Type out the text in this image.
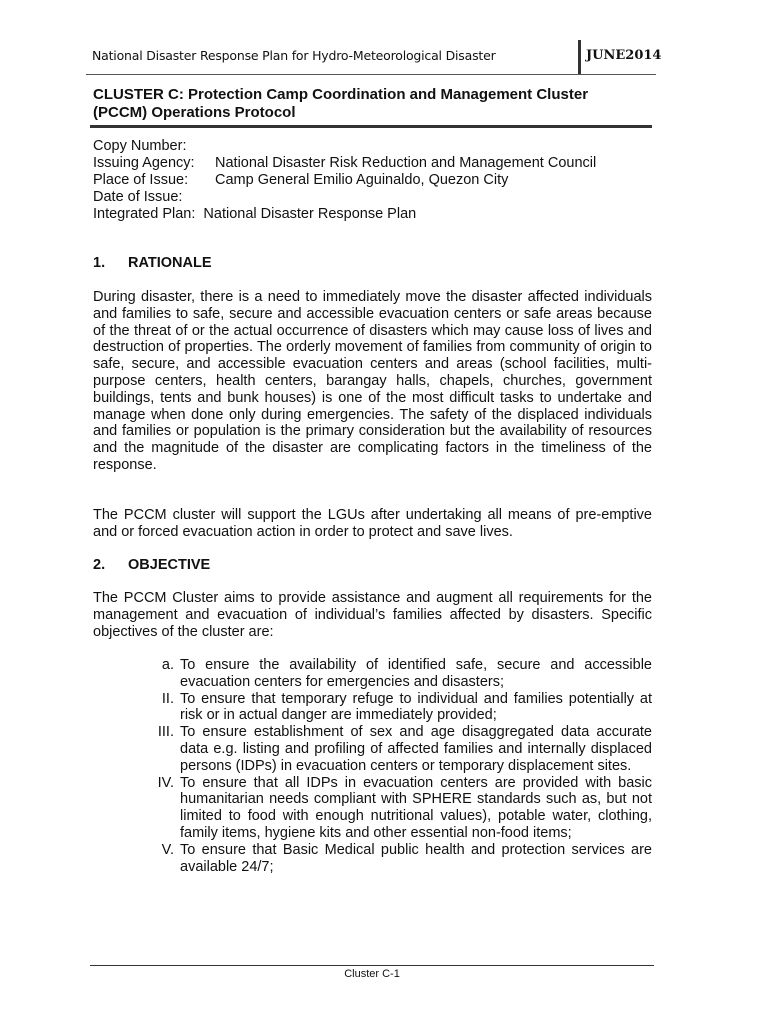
National Disaster Response Plan for Hydro-Meteorological Disaster	JUNE2014
CLUSTER C: Protection Camp Coordination and Management Cluster
(PCCM) Operations Protocol
Copy Number:
Issuing Agency: National Disaster Risk Reduction and Management Council
Place of Issue: Camp General Emilio Aguinaldo, Quezon City
Date of Issue:
Integrated Plan: National Disaster Response Plan
1. RATIONALE
During disaster, there is a need to immediately move the disaster affected individuals and families to safe, secure and accessible evacuation centers or safe areas because of the threat of or the actual occurrence of disasters which may cause loss of lives and destruction of properties. The orderly movement of families from community of origin to safe, secure, and accessible evacuation centers and areas (school facilities, multi-purpose centers, health centers, barangay halls, chapels, churches, government buildings, tents and bunk houses) is one of the most difficult tasks to undertake and manage when done only during emergencies. The safety of the displaced individuals and families or population is the primary consideration but the availability of resources and the magnitude of the disaster are complicating factors in the timeliness of the response.
The PCCM cluster will support the LGUs after undertaking all means of pre-emptive and or forced evacuation action in order to protect and save lives.
2. OBJECTIVE
The PCCM Cluster aims to provide assistance and augment all requirements for the management and evacuation of individual’s families affected by disasters. Specific objectives of the cluster are:
a. To ensure the availability of identified safe, secure and accessible evacuation centers for emergencies and disasters;
II. To ensure that temporary refuge to individual and families potentially at risk or in actual danger are immediately provided;
III. To ensure establishment of sex and age disaggregated data accurate data e.g. listing and profiling of affected families and internally displaced persons (IDPs) in evacuation centers or temporary displacement sites.
IV. To ensure that all IDPs in evacuation centers are provided with basic humanitarian needs compliant with SPHERE standards such as, but not limited to food with enough nutritional values), potable water, clothing, family items, hygiene kits and other essential non-food items;
V. To ensure that Basic Medical public health and protection services are available 24/7;
Cluster C-1
